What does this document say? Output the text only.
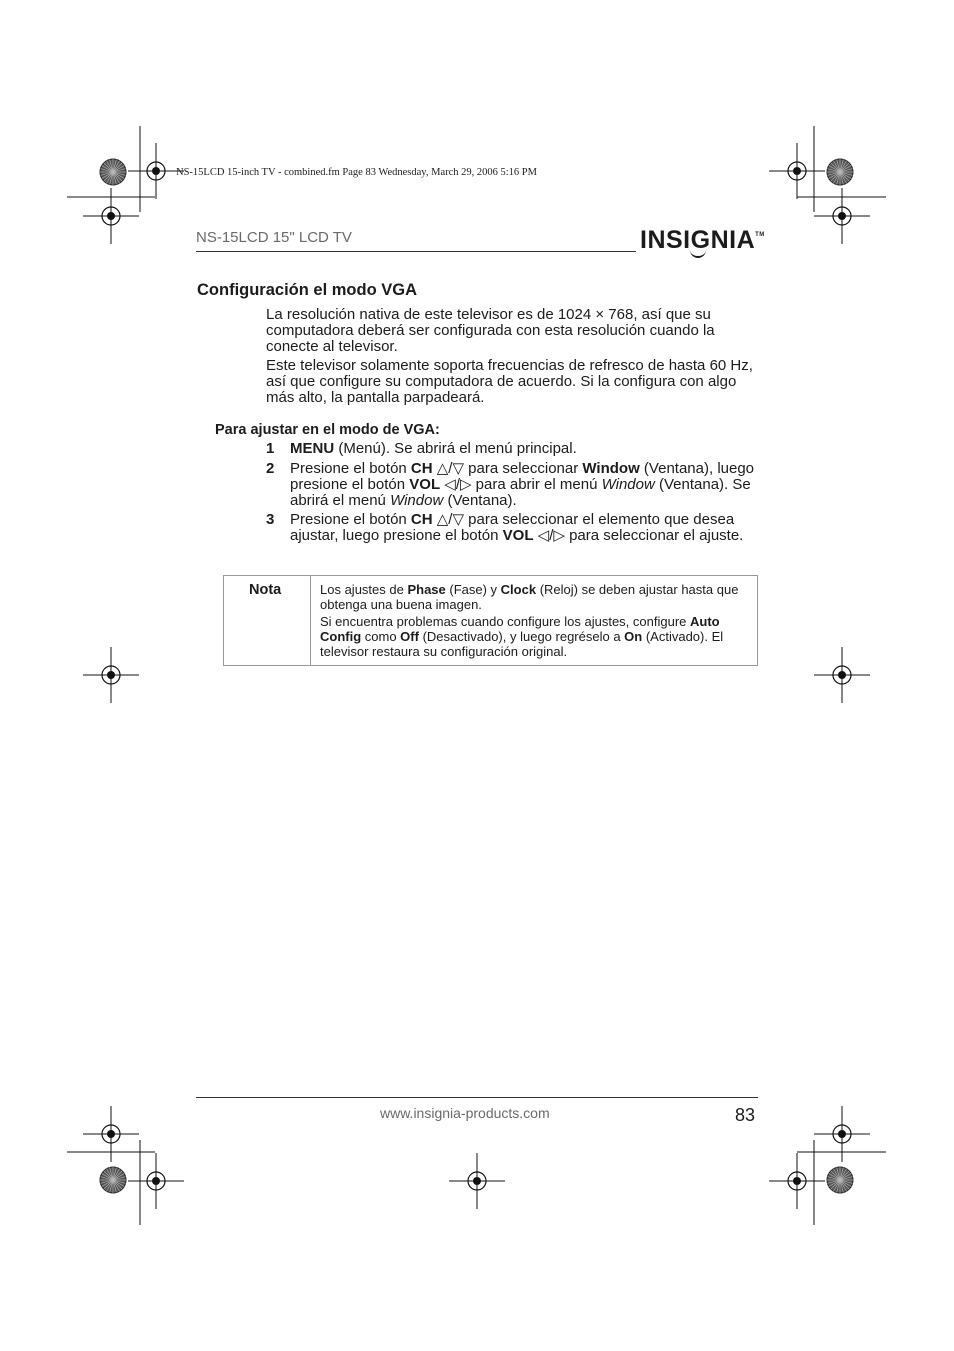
NS-15LCD 15-inch TV - combined.fm Page 83 Wednesday, March 29, 2006 5:16 PM
NS-15LCD 15" LCD TV	INSIGNIA™
Configuración el modo VGA

La resolución nativa de este televisor es de 1024 × 768, así que su computadora deberá ser configurada con esta resolución cuando la conecte al televisor.

Este televisor solamente soporta frecuencias de refresco de hasta 60 Hz, así que configure su computadora de acuerdo. Si la configura con algo más alto, la pantalla parpadeará.

Para ajustar en el modo de VGA:
1 MENU (Menú). Se abrirá el menú principal.
2 Presione el botón CH △/▽ para seleccionar Window (Ventana), luego presione el botón VOL ◁/▷ para abrir el menú Window (Ventana). Se abrirá el menú Window (Ventana).
3 Presione el botón CH △/▽ para seleccionar el elemento que desea ajustar, luego presione el botón VOL ◁/▷ para seleccionar el ajuste.
Nota	Los ajustes de Phase (Fase) y Clock (Reloj) se deben ajustar hasta que obtenga una buena imagen.

Si encuentra problemas cuando configure los ajustes, configure Auto Config como Off (Desactivado), y luego regréselo a On (Activado). El televisor restaura su configuración original.

www.insignia-products.com	83
